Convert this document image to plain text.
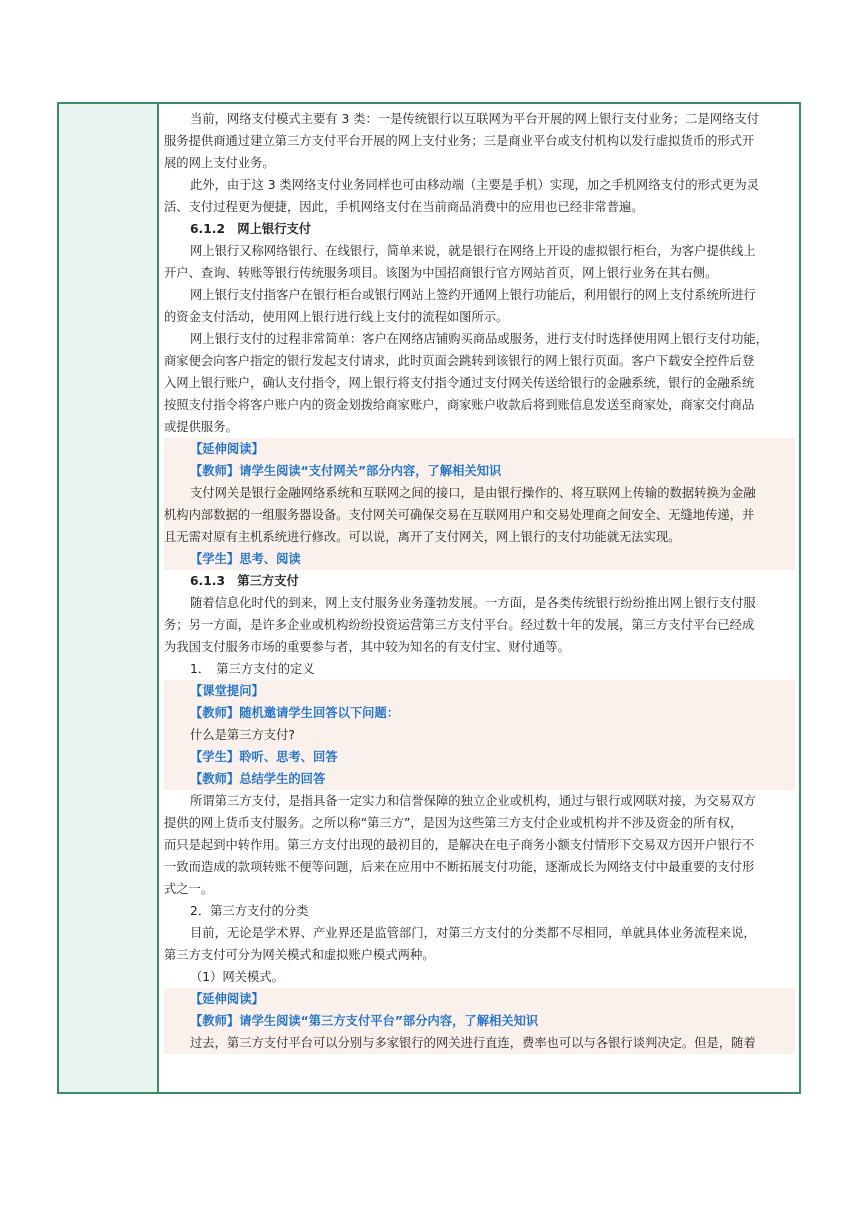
当前，网络支付模式主要有 3 类：一是传统银行以互联网为平台开展的网上银行支付业务；二是网络支付
服务提供商通过建立第三方支付平台开展的网上支付业务；三是商业平台或支付机构以发行虚拟货币的形式开
展的网上支付业务。
此外，由于这 3 类网络支付业务同样也可由移动端（主要是手机）实现，加之手机网络支付的形式更为灵
活、支付过程更为便捷，因此，手机网络支付在当前商品消费中的应用也已经非常普遍。
6.1.2　网上银行支付
网上银行又称网络银行、在线银行，简单来说，就是银行在网络上开设的虚拟银行柜台，为客户提供线上
开户、查询、转账等银行传统服务项目。该图为中国招商银行官方网站首页，网上银行业务在其右侧。
网上银行支付指客户在银行柜台或银行网站上签约开通网上银行功能后，利用银行的网上支付系统所进行
的资金支付活动，使用网上银行进行线上支付的流程如图所示。
网上银行支付的过程非常简单：客户在网络店铺购买商品或服务，进行支付时选择使用网上银行支付功能，
商家便会向客户指定的银行发起支付请求，此时页面会跳转到该银行的网上银行页面。客户下载安全控件后登
入网上银行账户，确认支付指令，网上银行将支付指令通过支付网关传送给银行的金融系统，银行的金融系统
按照支付指令将客户账户内的资金划拨给商家账户，商家账户收款后将到账信息发送至商家处，商家交付商品
或提供服务。
【延伸阅读】
【教师】请学生阅读“支付网关”部分内容，了解相关知识
支付网关是银行金融网络系统和互联网之间的接口，是由银行操作的、将互联网上传输的数据转换为金融
机构内部数据的一组服务器设备。支付网关可确保交易在互联网用户和交易处理商之间安全、无缝地传递，并
且无需对原有主机系统进行修改。可以说，离开了支付网关，网上银行的支付功能就无法实现。
【学生】思考、阅读
6.1.3　第三方支付
随着信息化时代的到来，网上支付服务业务蓬勃发展。一方面，是各类传统银行纷纷推出网上银行支付服
务；另一方面，是许多企业或机构纷纷投资运营第三方支付平台。经过数十年的发展，第三方支付平台已经成
为我国支付服务市场的重要参与者，其中较为知名的有支付宝、财付通等。
1．　第三方支付的定义
【课堂提问】
【教师】随机邀请学生回答以下问题：
什么是第三方支付?
【学生】聆听、思考、回答
【教师】总结学生的回答
所谓第三方支付，是指具备一定实力和信誉保障的独立企业或机构，通过与银行或网联对接，为交易双方
提供的网上货币支付服务。之所以称“第三方”，是因为这些第三方支付企业或机构并不涉及资金的所有权，
而只是起到中转作用。第三方支付出现的最初目的，是解决在电子商务小额支付情形下交易双方因开户银行不
一致而造成的款项转账不便等问题，后来在应用中不断拓展支付功能，逐渐成长为网络支付中最重要的支付形
式之一。
2．第三方支付的分类
目前，无论是学术界、产业界还是监管部门，对第三方支付的分类都不尽相同，单就具体业务流程来说，
第三方支付可分为网关模式和虚拟账户模式两种。
（1）网关模式。
【延伸阅读】
【教师】请学生阅读“第三方支付平台”部分内容，了解相关知识
过去，第三方支付平台可以分别与多家银行的网关进行直连，费率也可以与各银行谈判决定。但是，随着
